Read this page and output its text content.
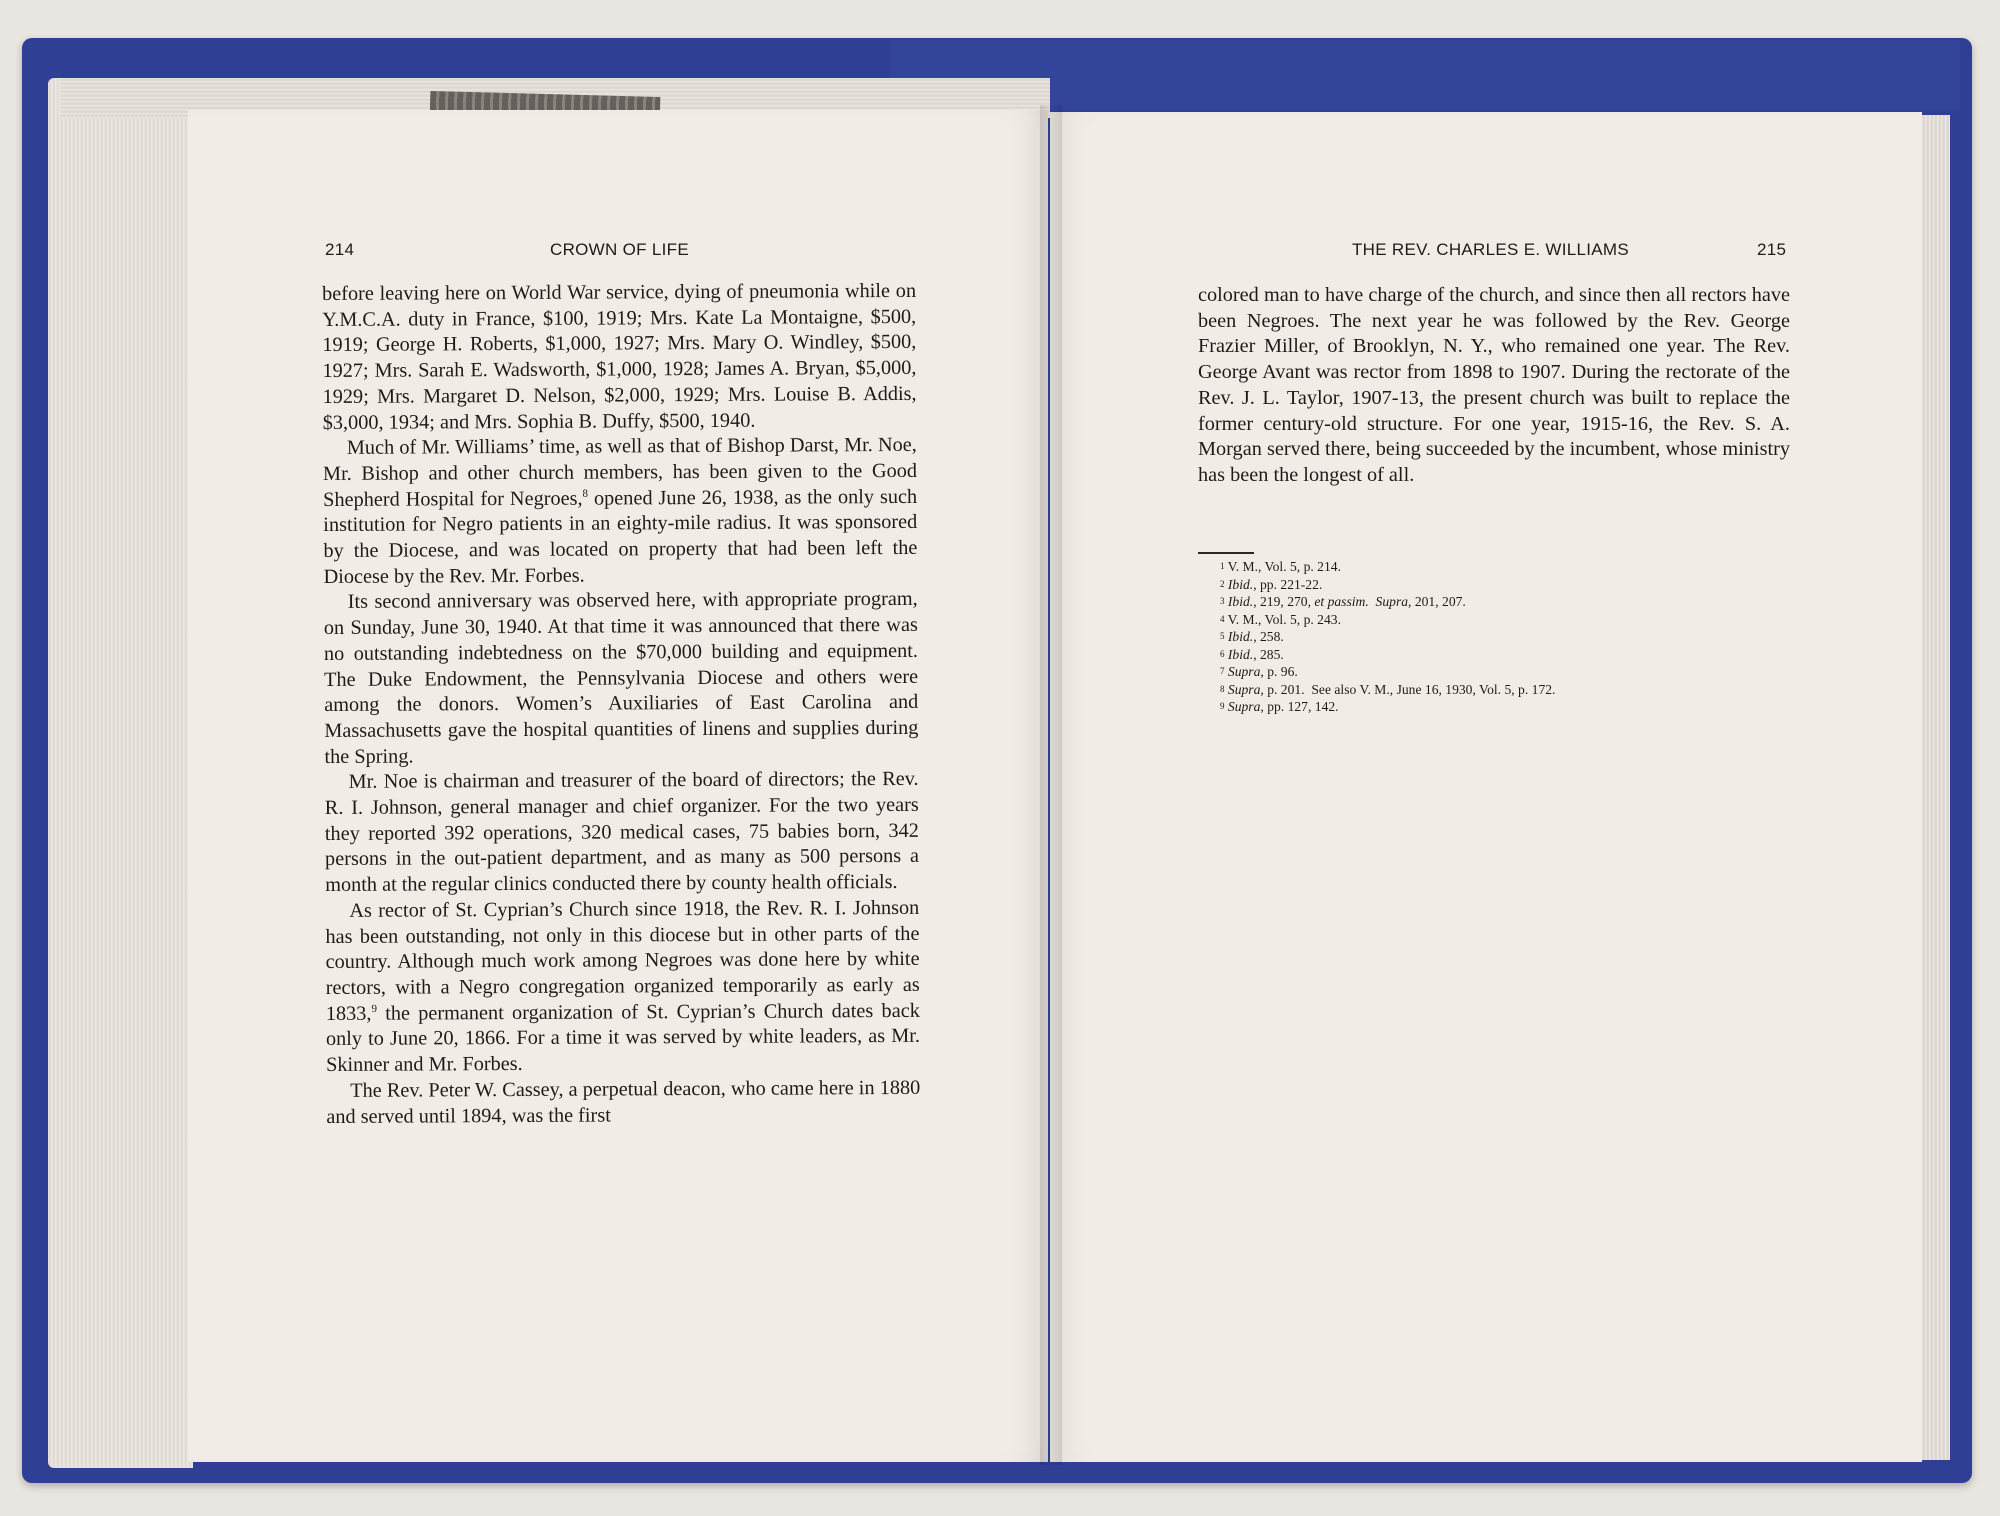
214	CROWN OF LIFE	THE REV. CHARLES E. WILLIAMS	215

before leaving here on World War service, dying of pneumonia while on Y.M.C.A. duty in France, $100, 1919; Mrs. Kate La Montaigne, $500, 1919; George H. Roberts, $1,000, 1927; Mrs. Mary O. Windley, $500, 1927; Mrs. Sarah E. Wadsworth, $1,000, 1928; James A. Bryan, $5,000, 1929; Mrs. Margaret D. Nelson, $2,000, 1929; Mrs. Louise B. Addis, $3,000, 1934; and Mrs. Sophia B. Duffy, $500, 1940.

Much of Mr. Williams’ time, as well as that of Bishop Darst, Mr. Noe, Mr. Bishop and other church members, has been given to the Good Shepherd Hospital for Negroes,$^8$ opened June 26, 1938, as the only such institution for Negro patients in an eighty-mile radius. It was sponsored by the Diocese, and was located on property that had been left the Diocese by the Rev. Mr. Forbes.

Its second anniversary was observed here, with appropriate program, on Sunday, June 30, 1940. At that time it was announced that there was no outstanding indebtedness on the $70,000 building and equipment. The Duke Endowment, the Pennsylvania Diocese and others were among the donors. Women’s Auxiliaries of East Carolina and Massachusetts gave the hospital quantities of linens and supplies during the Spring.

Mr. Noe is chairman and treasurer of the board of directors; the Rev. R. I. Johnson, general manager and chief organizer. For the two years they reported 392 operations, 320 medical cases, 75 babies born, 342 persons in the out-patient department, and as many as 500 persons a month at the regular clinics conducted there by county health officials.

As rector of St. Cyprian’s Church since 1918, the Rev. R. I. Johnson has been outstanding, not only in this diocese but in other parts of the country. Although much work among Negroes was done here by white rectors, with a Negro congregation organized temporarily as early as 1833,$^9$ the permanent organization of St. Cyprian’s Church dates back only to June 20, 1866. For a time it was served by white leaders, as Mr. Skinner and Mr. Forbes.

The Rev. Peter W. Cassey, a perpetual deacon, who came here in 1880 and served until 1894, was the first

colored man to have charge of the church, and since then all rectors have been Negroes. The next year he was followed by the Rev. George Frazier Miller, of Brooklyn, N. Y., who remained one year. The Rev. George Avant was rector from 1898 to 1907. During the rectorate of the Rev. J. L. Taylor, 1907-13, the present church was built to replace the former century-old structure. For one year, 1915-16, the Rev. S. A. Morgan served there, being succeeded by the incumbent, whose ministry has been the longest of all.

$^1$ V. M., Vol. 5, p. 214.
$^2$ Ibid., pp. 221-22.
$^3$ Ibid., 219, 270, et passim. Supra, 201, 207.
$^4$ V. M., Vol. 5, p. 243.
$^5$ Ibid., 258.
$^6$ Ibid., 285.
$^7$ Supra, p. 96.
$^8$ Supra, p. 201.  See also V. M., June 16, 1930, Vol. 5, p. 172.
$^9$ Supra, pp. 127, 142.
